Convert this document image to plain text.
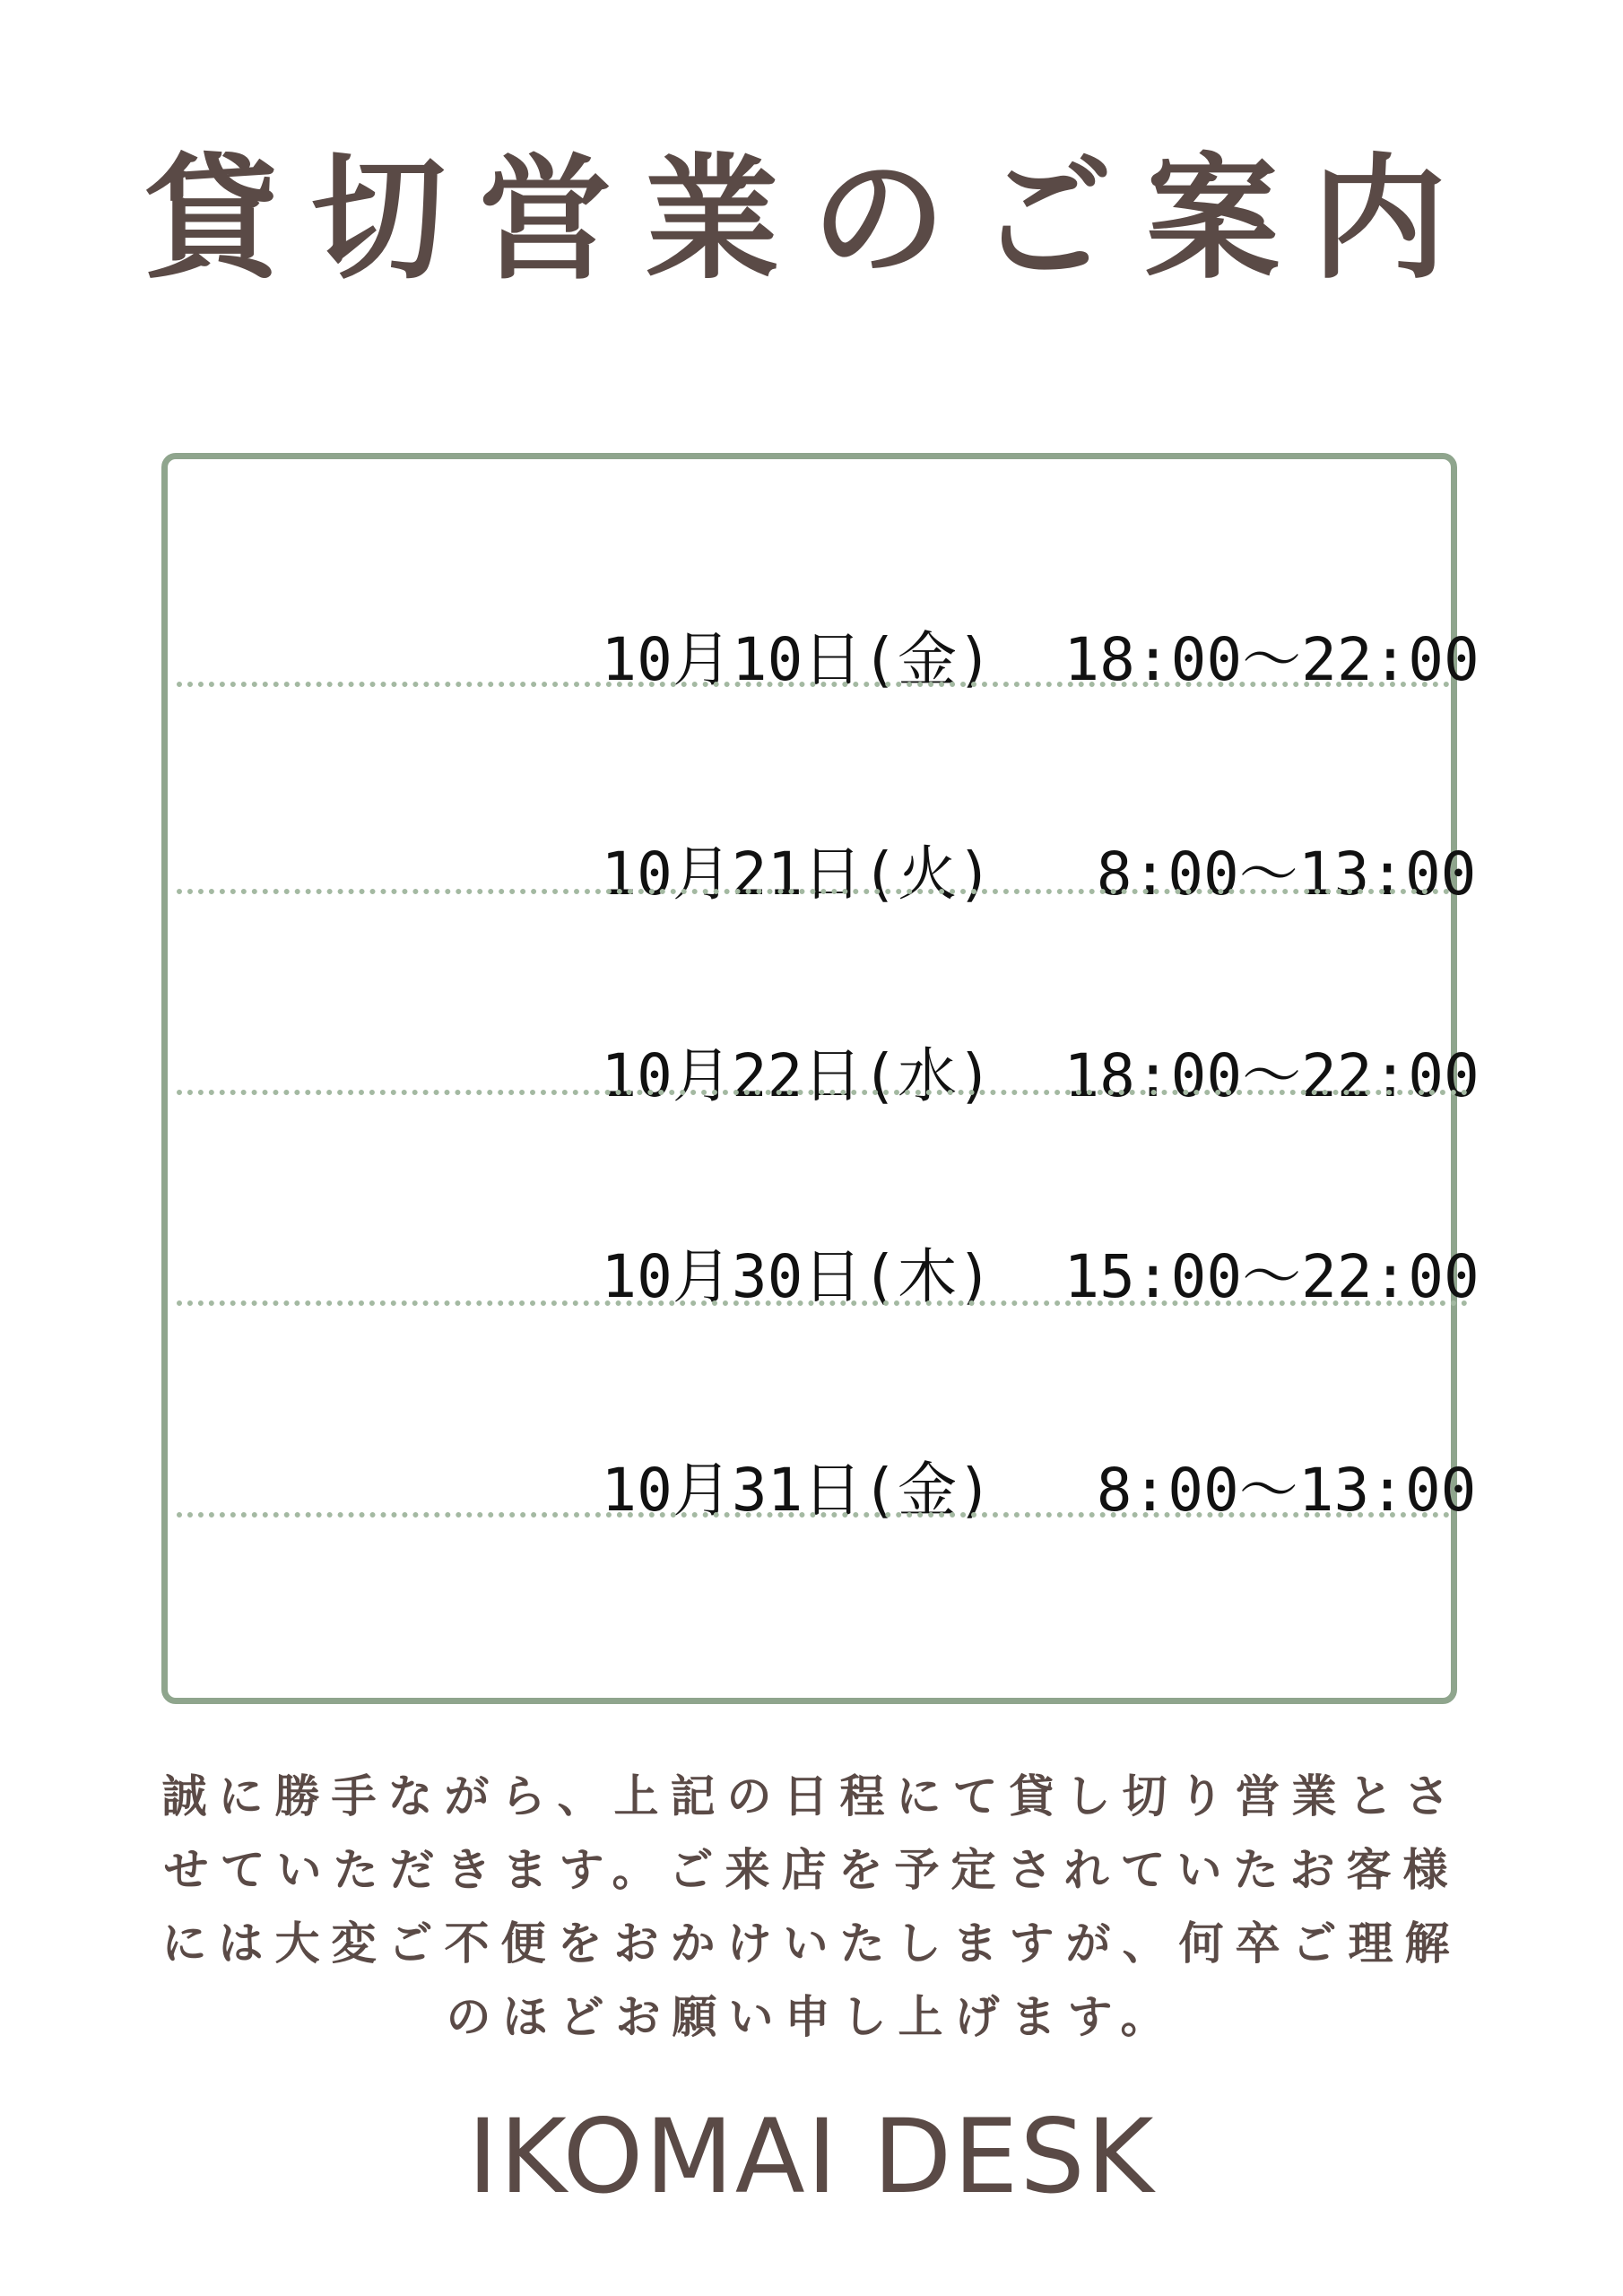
貸切営業のご案内

10月10日(金) 18:00～22:00

10月21日(火) 8:00～13:00

10月22日(水) 18:00～22:00

10月30日(木) 15:00～22:00

10月31日(金) 8:00～13:00

誠に勝手ながら、上記の日程にて貸し切り営業とさ
せていただきます。ご来店を予定されていたお客様
には大変ご不便をおかけいたしますが、何卒ご理解
のほどお願い申し上げます。
IKOMAI DESK
